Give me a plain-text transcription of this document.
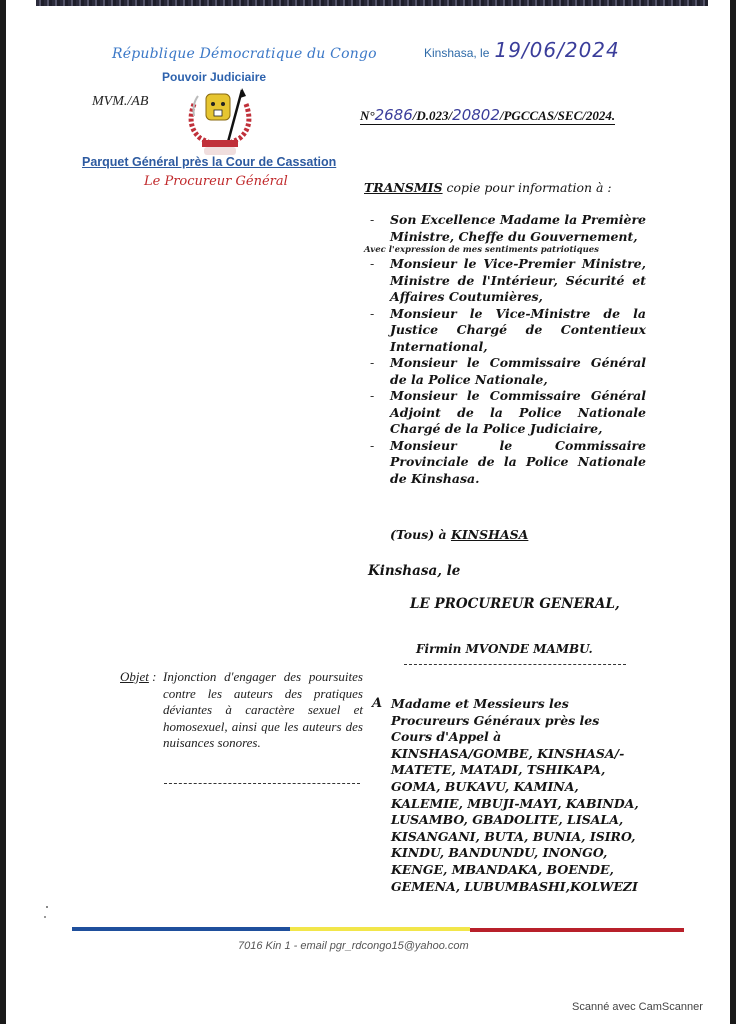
République Démocratique du Congo
Pouvoir Judiciaire
MVM./AB
Parquet Général près la Cour de Cassation
Le Procureur Général
Kinshasa, le 19/06/2024
N°2686/D.023/20802/PGCCAS/SEC/2024.
TRANSMIS copie pour information à :
- Son Excellence Madame la Première Ministre, Cheffe du Gouvernement,
Avec l'expression de mes sentiments patriotiques
- Monsieur le Vice-Premier Ministre, Ministre de l'Intérieur, Sécurité et Affaires Coutumières,
- Monsieur le Vice-Ministre de la Justice Chargé de Contentieux International,
- Monsieur le Commissaire Général de la Police Nationale,
- Monsieur le Commissaire Général Adjoint de la Police Nationale Chargé de la Police Judiciaire,
- Monsieur le Commissaire Provinciale de la Police Nationale de Kinshasa.
(Tous) à KINSHASA
Kinshasa, le
LE PROCUREUR GENERAL,
Firmin MVONDE MAMBU.
Objet : Injonction d'engager des poursuites contre les auteurs des pratiques déviantes à caractère sexuel et homosexuel, ainsi que les auteurs des nuisances sonores.
A Madame et Messieurs les
Procureurs Généraux près les
Cours d'Appel à
KINSHASA/GOMBE, KINSHASA/-
MATETE, MATADI, TSHIKAPA,
GOMA, BUKAVU, KAMINA,
KALEMIE, MBUJI-MAYI, KABINDA,
LUSAMBO, GBADOLITE, LISALA,
KISANGANI, BUTA, BUNIA, ISIRO,
KINDU, BANDUNDU, INONGO,
KENGE, MBANDAKA, BOENDE,
GEMENA, LUBUMBASHI,KOLWEZI
7016 Kin 1 - email pgr_rdcongo15@yahoo.com
Scanné avec CamScanner
